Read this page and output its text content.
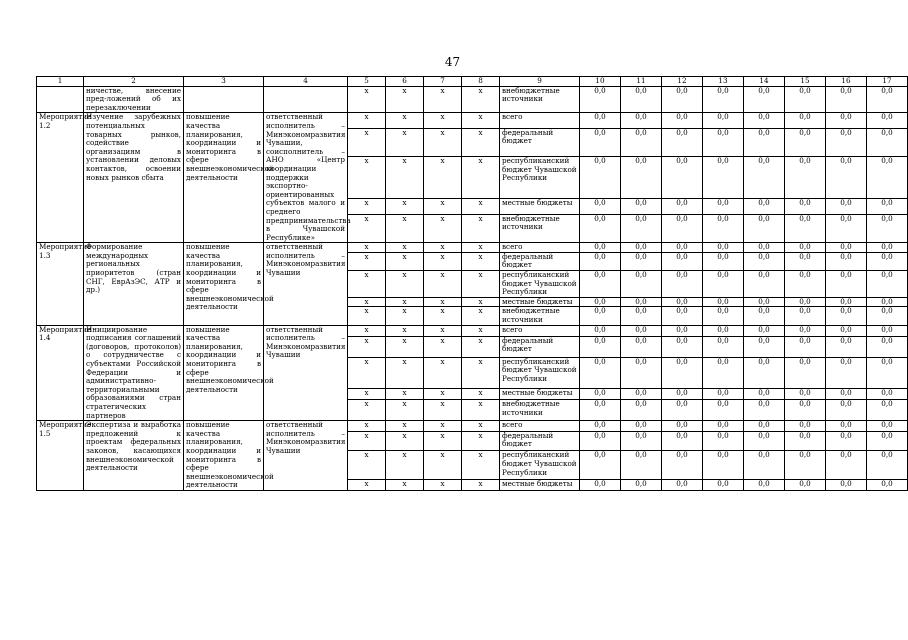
47
1	2	3	4	5	6	7	8	9	10	11	12	13	14	15	16	17
	ничестве, внесение пред-ложений об их перезаключении			x	x	x	x	внебюджетные источники	0,0	0,0	0,0	0,0	0,0	0,0	0,0	0,0
Мероприятие 1.2	Изучение зарубежных потенциальных товарных рынков, содействие организациям в установлении деловых контактов, освоении новых рынков сбыта	повышение качества планирования, координации и мониторинга в сфере внешнеэкономической деятельности	ответственный исполнитель – Минэкономразвития Чувашии, соисполнитель – АНО «Центр координации поддержки экспортно-ориентированных субъектов малого и среднего предпринимательства в Чувашской Республике»	x	x	x	x	всего	0,0	0,0	0,0	0,0	0,0	0,0	0,0	0,0
				x	x	x	x	федеральный бюджет	0,0	0,0	0,0	0,0	0,0	0,0	0,0	0,0
				x	x	x	x	республиканский бюджет Чувашской Республики	0,0	0,0	0,0	0,0	0,0	0,0	0,0	0,0
				x	x	x	x	местные бюджеты	0,0	0,0	0,0	0,0	0,0	0,0	0,0	0,0
				x	x	x	x	внебюджетные источники	0,0	0,0	0,0	0,0	0,0	0,0	0,0	0,0
Мероприятие 1.3	Формирование международных региональных приоритетов (стран СНГ, ЕврАзЭС, АТР и др.)	повышение качества планирования, координации и мониторинга в сфере внешнеэкономической деятельности	ответственный исполнитель – Минэкономразвития Чувашии	x	x	x	x	всего	0,0	0,0	0,0	0,0	0,0	0,0	0,0	0,0
				x	x	x	x	федеральный бюджет	0,0	0,0	0,0	0,0	0,0	0,0	0,0	0,0
				x	x	x	x	республиканский бюджет Чувашской Республики	0,0	0,0	0,0	0,0	0,0	0,0	0,0	0,0
				x	x	x	x	местные бюджеты	0,0	0,0	0,0	0,0	0,0	0,0	0,0	0,0
				x	x	x	x	внебюджетные источники	0,0	0,0	0,0	0,0	0,0	0,0	0,0	0,0
Мероприятие 1.4	Инициирование подписания соглашений (договоров, протоколов) о сотрудничестве с субъектами Российской Федерации и административно-территориальными образованиями стран стратегических партнеров	повышение качества планирования, координации и мониторинга в сфере внешнеэкономической деятельности	ответственный исполнитель – Минэкономразвития Чувашии	x	x	x	x	всего	0,0	0,0	0,0	0,0	0,0	0,0	0,0	0,0
				x	x	x	x	федеральный бюджет	0,0	0,0	0,0	0,0	0,0	0,0	0,0	0,0
				x	x	x	x	республиканский бюджет Чувашской Республики	0,0	0,0	0,0	0,0	0,0	0,0	0,0	0,0
				x	x	x	x	местные бюджеты	0,0	0,0	0,0	0,0	0,0	0,0	0,0	0,0
				x	x	x	x	внебюджетные источники	0,0	0,0	0,0	0,0	0,0	0,0	0,0	0,0
Мероприятие 1.5	Экспертиза и выработка предложений к проектам федеральных законов, касающихся внешнеэкономической деятельности	повышение качества планирования, координации и мониторинга в сфере внешнеэкономической деятельности	ответственный исполнитель – Минэкономразвития Чувашии	x	x	x	x	всего	0,0	0,0	0,0	0,0	0,0	0,0	0,0	0,0
				x	x	x	x	федеральный бюджет	0,0	0,0	0,0	0,0	0,0	0,0	0,0	0,0
				x	x	x	x	республиканский бюджет Чувашской Республики	0,0	0,0	0,0	0,0	0,0	0,0	0,0	0,0
				x	x	x	x	местные бюджеты	0,0	0,0	0,0	0,0	0,0	0,0	0,0	0,0
